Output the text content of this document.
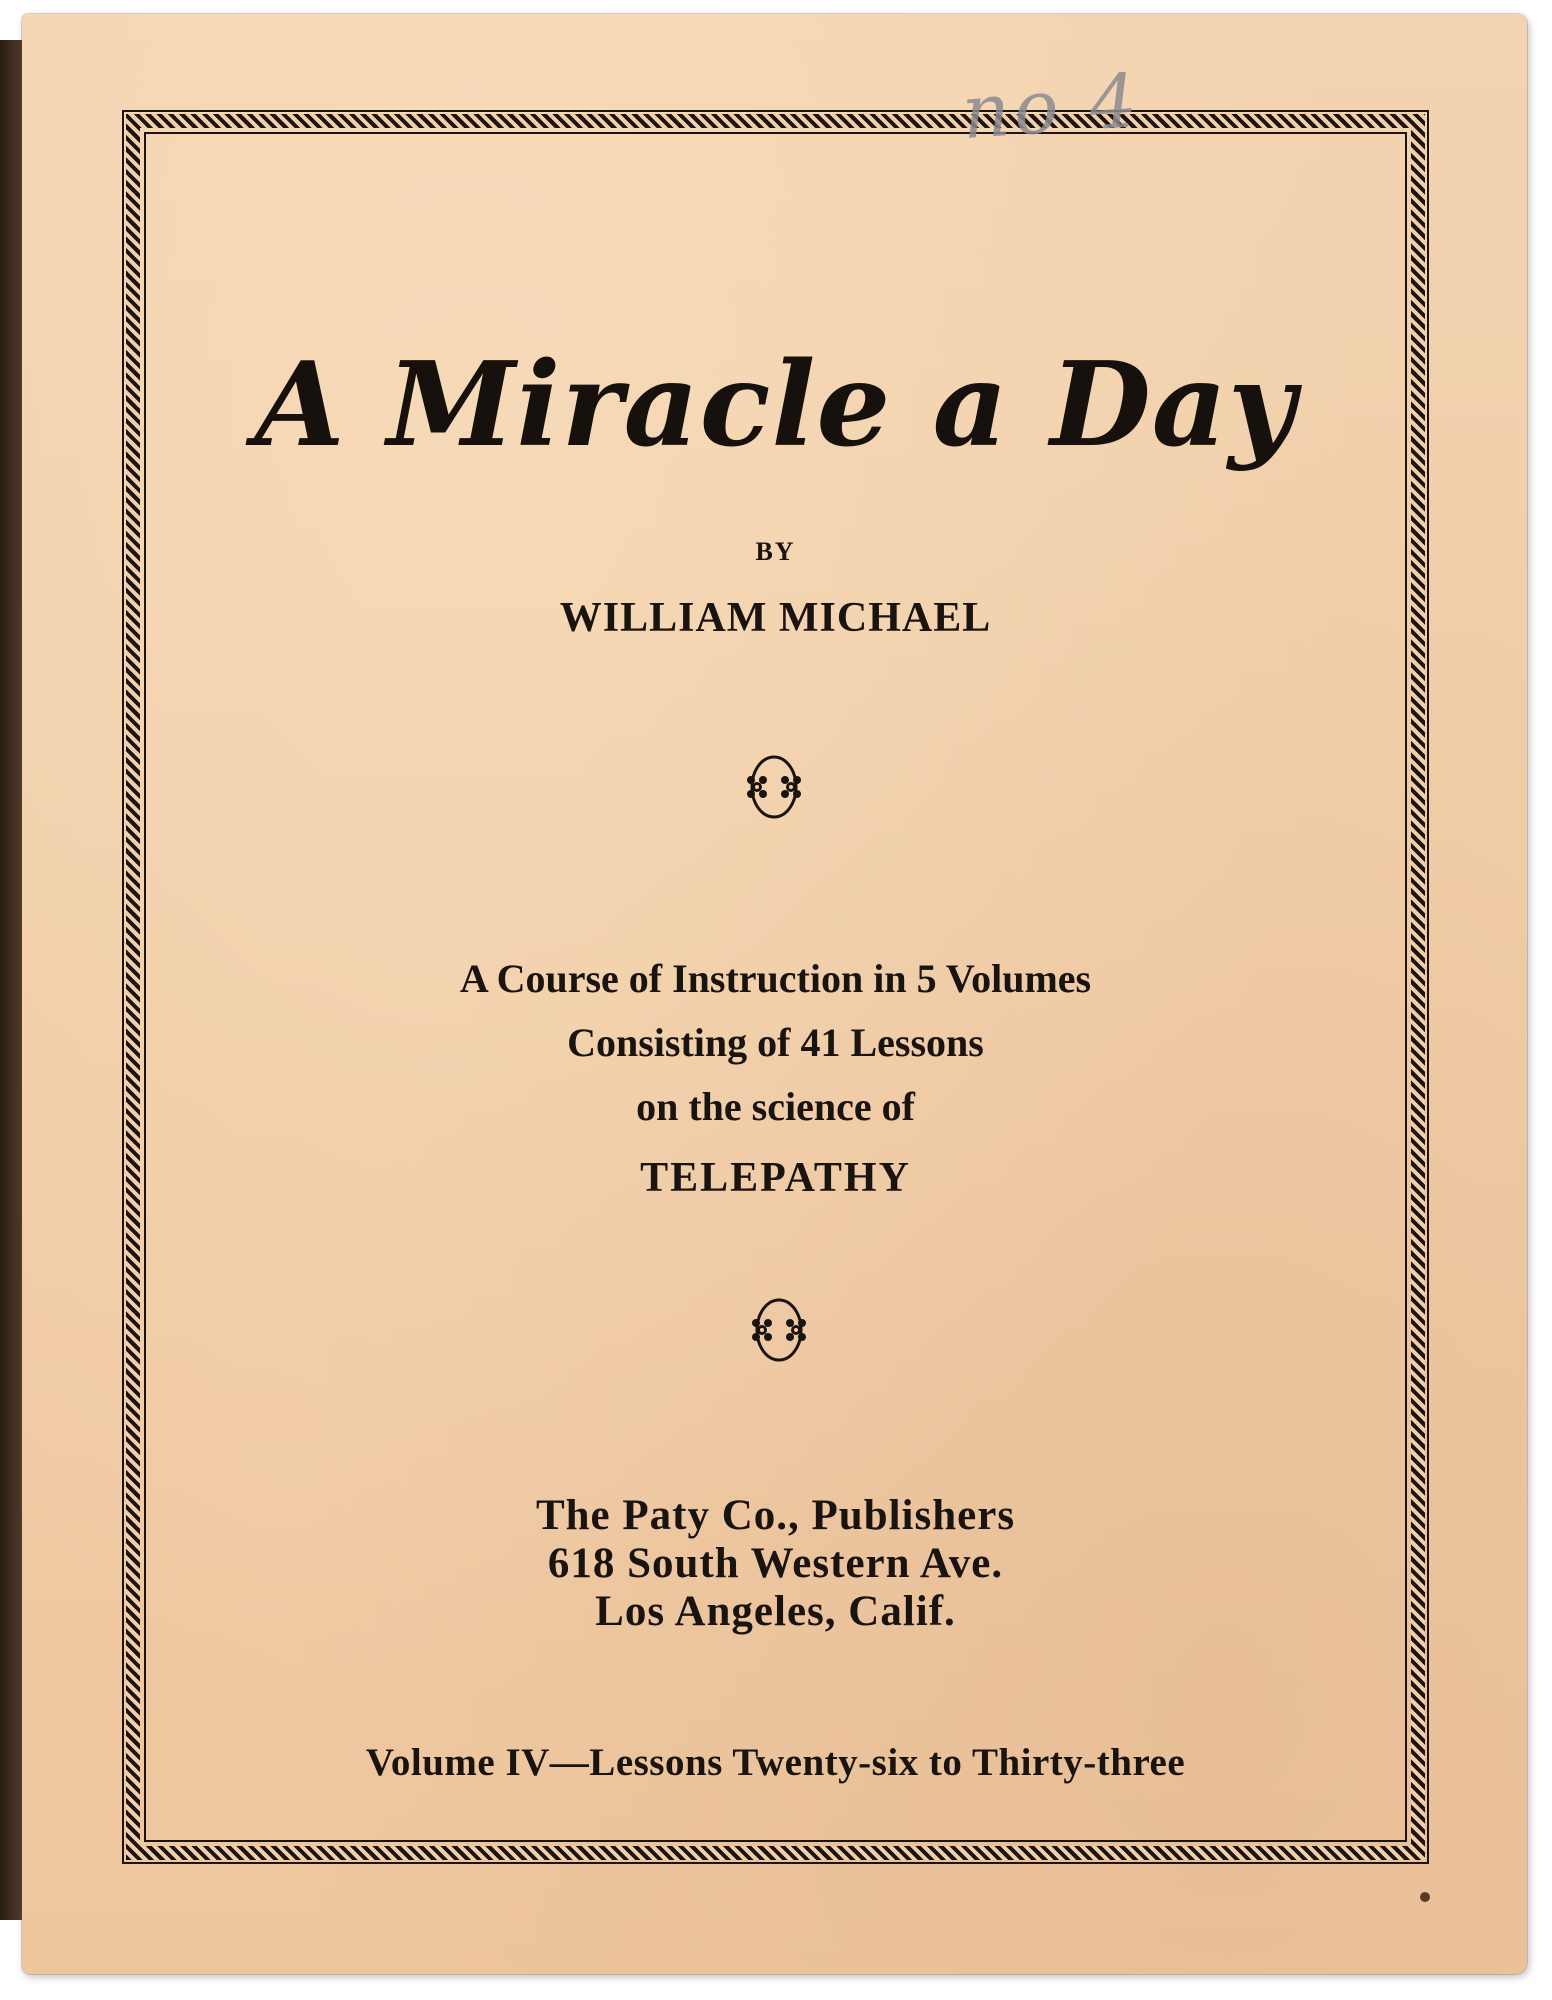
no 4
A Miracle a Day
BY
WILLIAM MICHAEL
A Course of Instruction in 5 Volumes
Consisting of 41 Lessons
on the science of
TELEPATHY
The Paty Co., Publishers
618 South Western Ave.
Los Angeles, Calif.
Volume IV—Lessons Twenty-six to Thirty-three
